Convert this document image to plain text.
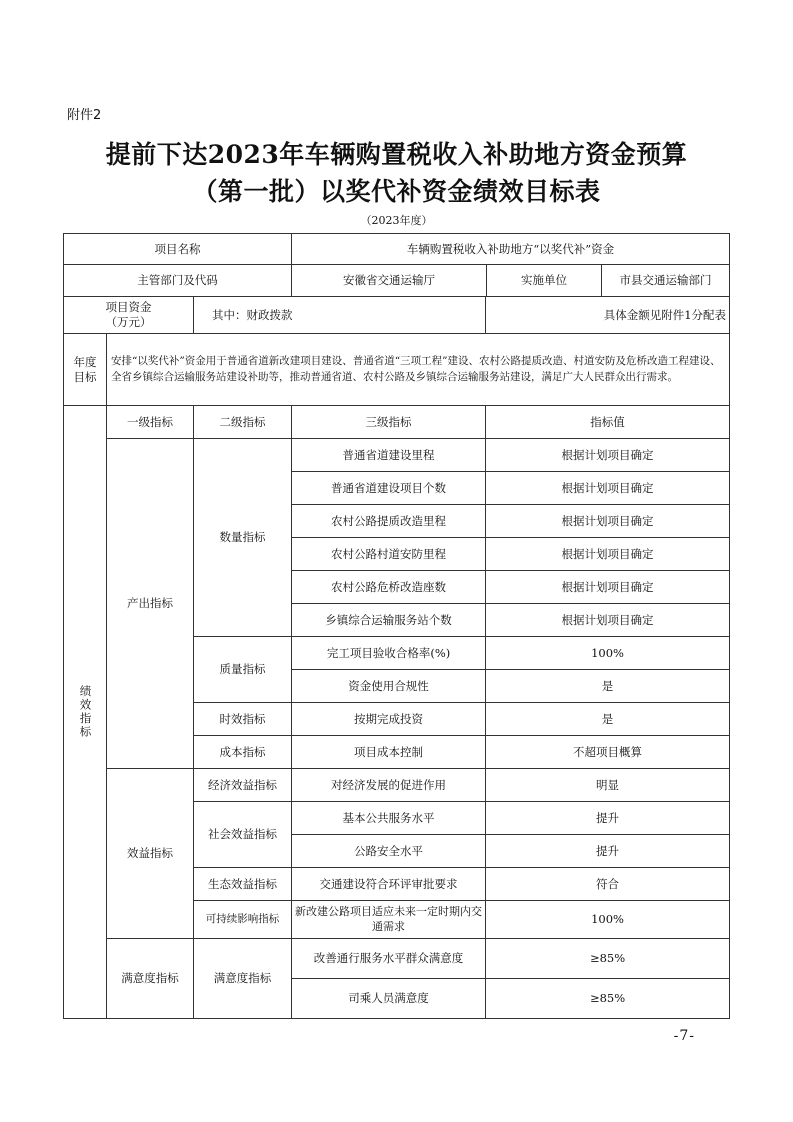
附件2
提前下达2023年车辆购置税收入补助地方资金预算
（第一批）以奖代补资金绩效目标表
（2023年度）
项目名称			车辆购置税收入补助地方“以奖代补”资金	
主管部门及代码			安徽省交通运输厅 实施单位 市县交通运输部门	

项目资金
（万元）		其中：财政拨款		具体金额见附件1分配表

年度
目标	安排“以奖代补”资金用于普通省道新改建项目建设、普通省道“三项工程”建设、农村公路提质改造、村道安防及危桥改造工程建设、全省乡镇综合运输服务站建设补助等，推动普通省道、农村公路及乡镇综合运输服务站建设，满足广大人民群众出行需求。			
绩效指标	一级指标	二级指标	三级指标	指标值
	产出指标	数量指标	普通省道建设里程	根据计划项目确定
			普通省道建设项目个数	根据计划项目确定
			农村公路提质改造里程	根据计划项目确定
			农村公路村道安防里程	根据计划项目确定
			农村公路危桥改造座数	根据计划项目确定
			乡镇综合运输服务站个数	根据计划项目确定
		质量指标	完工项目验收合格率(%)	100%
			资金使用合规性	是
		时效指标	按期完成投资	是
		成本指标	项目成本控制	不超项目概算
	效益指标	经济效益指标	对经济发展的促进作用	明显
		社会效益指标	基本公共服务水平	提升
			公路安全水平	提升
		生态效益指标	交通建设符合环评审批要求	符合
		可持续影响指标	新改建公路项目适应未来一定时期内交通需求	100%
	满意度指标	满意度指标	改善通行服务水平群众满意度	≥85%
			司乘人员满意度	≥85%
-7-
